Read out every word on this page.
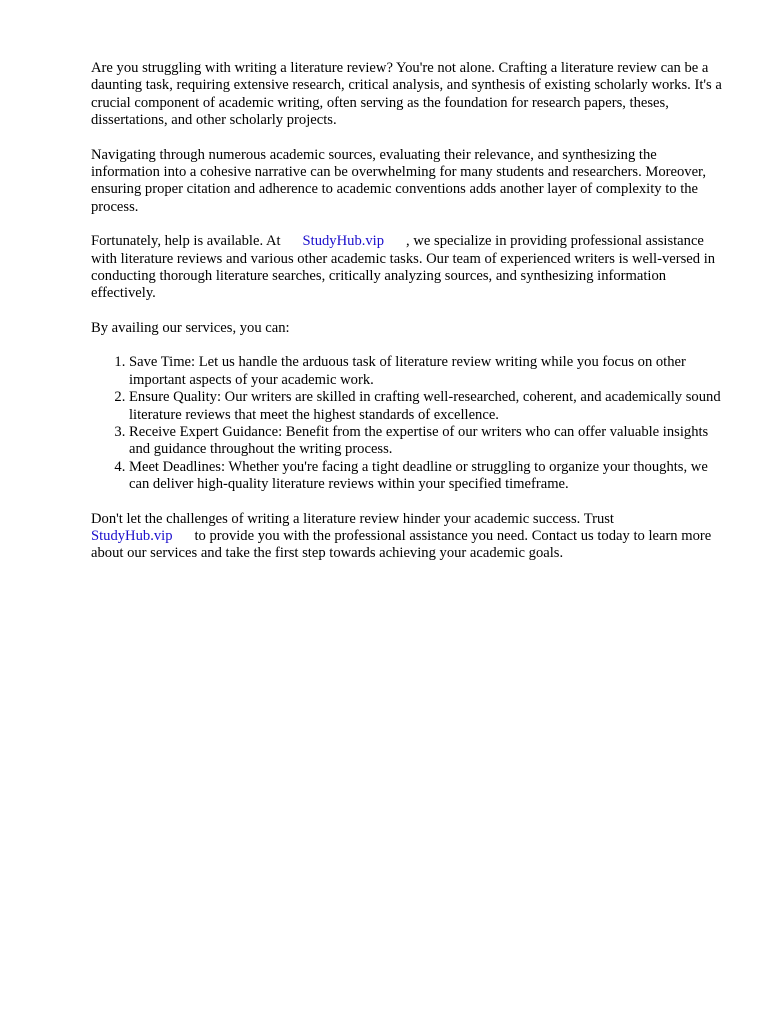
Are you struggling with writing a literature review? You're not alone. Crafting a literature review can be a daunting task, requiring extensive research, critical analysis, and synthesis of existing scholarly works. It's a crucial component of academic writing, often serving as the foundation for research papers, theses, dissertations, and other scholarly projects.

Navigating through numerous academic sources, evaluating their relevance, and synthesizing the information into a cohesive narrative can be overwhelming for many students and researchers. Moreover, ensuring proper citation and adherence to academic conventions adds another layer of complexity to the process.

Fortunately, help is available. At StudyHub.vip , we specialize in providing professional assistance with literature reviews and various other academic tasks. Our team of experienced writers is well-versed in conducting thorough literature searches, critically analyzing sources, and synthesizing information effectively.

By availing our services, you can:

1. Save Time: Let us handle the arduous task of literature review writing while you focus on other important aspects of your academic work.
2. Ensure Quality: Our writers are skilled in crafting well-researched, coherent, and academically sound literature reviews that meet the highest standards of excellence.
3. Receive Expert Guidance: Benefit from the expertise of our writers who can offer valuable insights and guidance throughout the writing process.
4. Meet Deadlines: Whether you're facing a tight deadline or struggling to organize your thoughts, we can deliver high-quality literature reviews within your specified timeframe.

Don't let the challenges of writing a literature review hinder your academic success. Trust StudyHub.vip to provide you with the professional assistance you need. Contact us today to learn more about our services and take the first step towards achieving your academic goals.
